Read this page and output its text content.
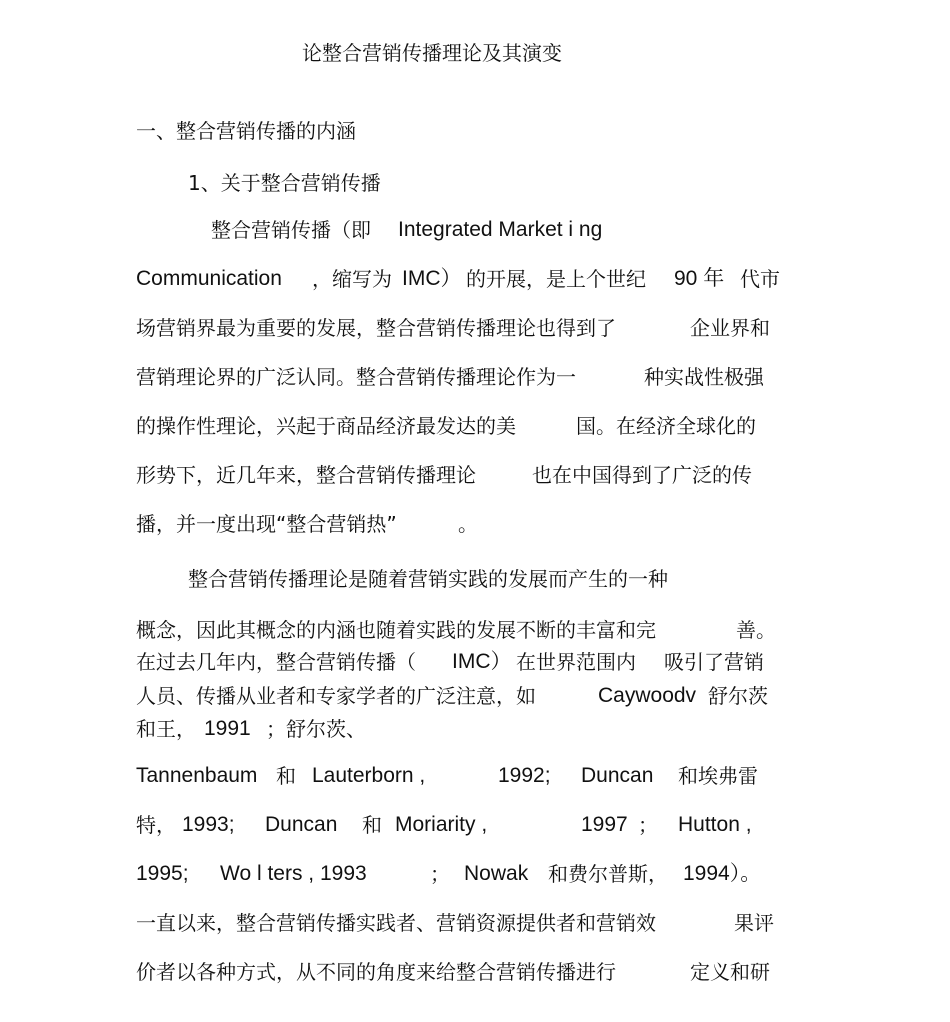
论整合营销传播理论及其演变
一、整合营销传播的内涵
1、关于整合营销传播
整合营销传播（即 Integrated Market i ng
Communication ，缩写为 IMC） 的开展，是上个世纪 90 年 代市
场营销界最为重要的发展，整合营销传播理论也得到了	企业界和
营销理论界的广泛认同。整合营销传播理论作为一	种实战性极强
的操作性理论，兴起于商品经济最发达的美	国。在经济全球化的
形势下，近几年来，整合营销传播理论	也在中国得到了广泛的传
播，并一度出现“整合营销热”	。
整合营销传播理论是随着营销实践的发展而产生的一种
概念，因此其概念的内涵也随着实践的发展不断的丰富和完	善。
在过去几年内，整合营销传播（ IMC） 在世界范围内 吸引了营销
人员、传播从业者和专家学者的广泛注意，如	Caywoodv 舒尔茨
和王， 1991 ；舒尔茨、
Tannenbaum 和 Lauterborn ,	1992; Duncan 和埃弗雷
特， 1993; Duncan 和 Moriarity ,	1997 ； Hutton ,
1995; Wo l ters , 1993	； Nowak 和费尔普斯， 1994）。
一直以来，整合营销传播实践者、营销资源提供者和营销效	果评
价者以各种方式，从不同的角度来给整合营销传播进行	定义和研
